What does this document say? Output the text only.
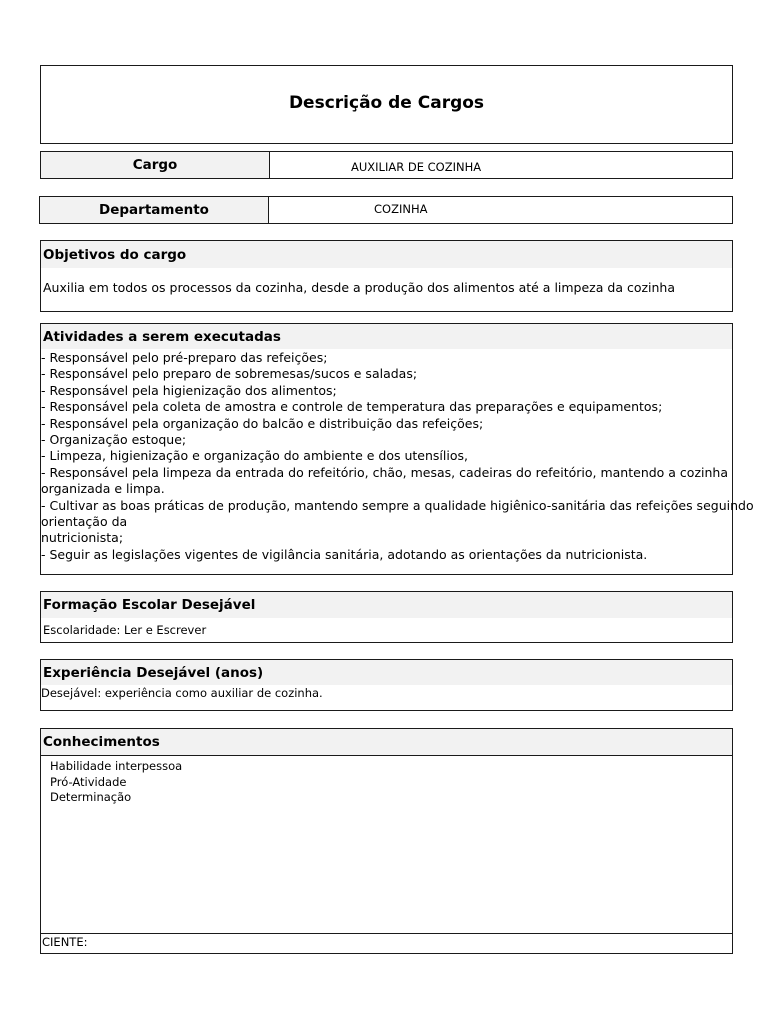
Descrição de Cargos
Cargo	AUXILIAR DE COZINHA
Departamento	COZINHA
Objetivos do cargo
Auxilia em todos os processos da cozinha, desde a produção dos alimentos até a limpeza da cozinha
Atividades a serem executadas
- Responsável pelo pré-preparo das refeições;
- Responsável pelo preparo de sobremesas/sucos e saladas;
- Responsável pela higienização dos alimentos;
- Responsável pela coleta de amostra e controle de temperatura das preparações e equipamentos;
- Responsável pela organização do balcão e distribuição das refeições;
- Organização estoque;
- Limpeza, higienização e organização do ambiente e dos utensílios,
- Responsável pela limpeza da entrada do refeitório, chão, mesas, cadeiras do refeitório, mantendo a cozinha
organizada e limpa.
- Cultivar as boas práticas de produção, mantendo sempre a qualidade higiênico-sanitária das refeições seguindo
orientação da
nutricionista;
- Seguir as legislações vigentes de vigilância sanitária, adotando as orientações da nutricionista.
Formação Escolar Desejável
Escolaridade: Ler e Escrever
Experiência Desejável (anos)
Desejável: experiência como auxiliar de cozinha.
Conhecimentos
Habilidade interpessoa
Pró-Atividade
Determinação
CIENTE:
